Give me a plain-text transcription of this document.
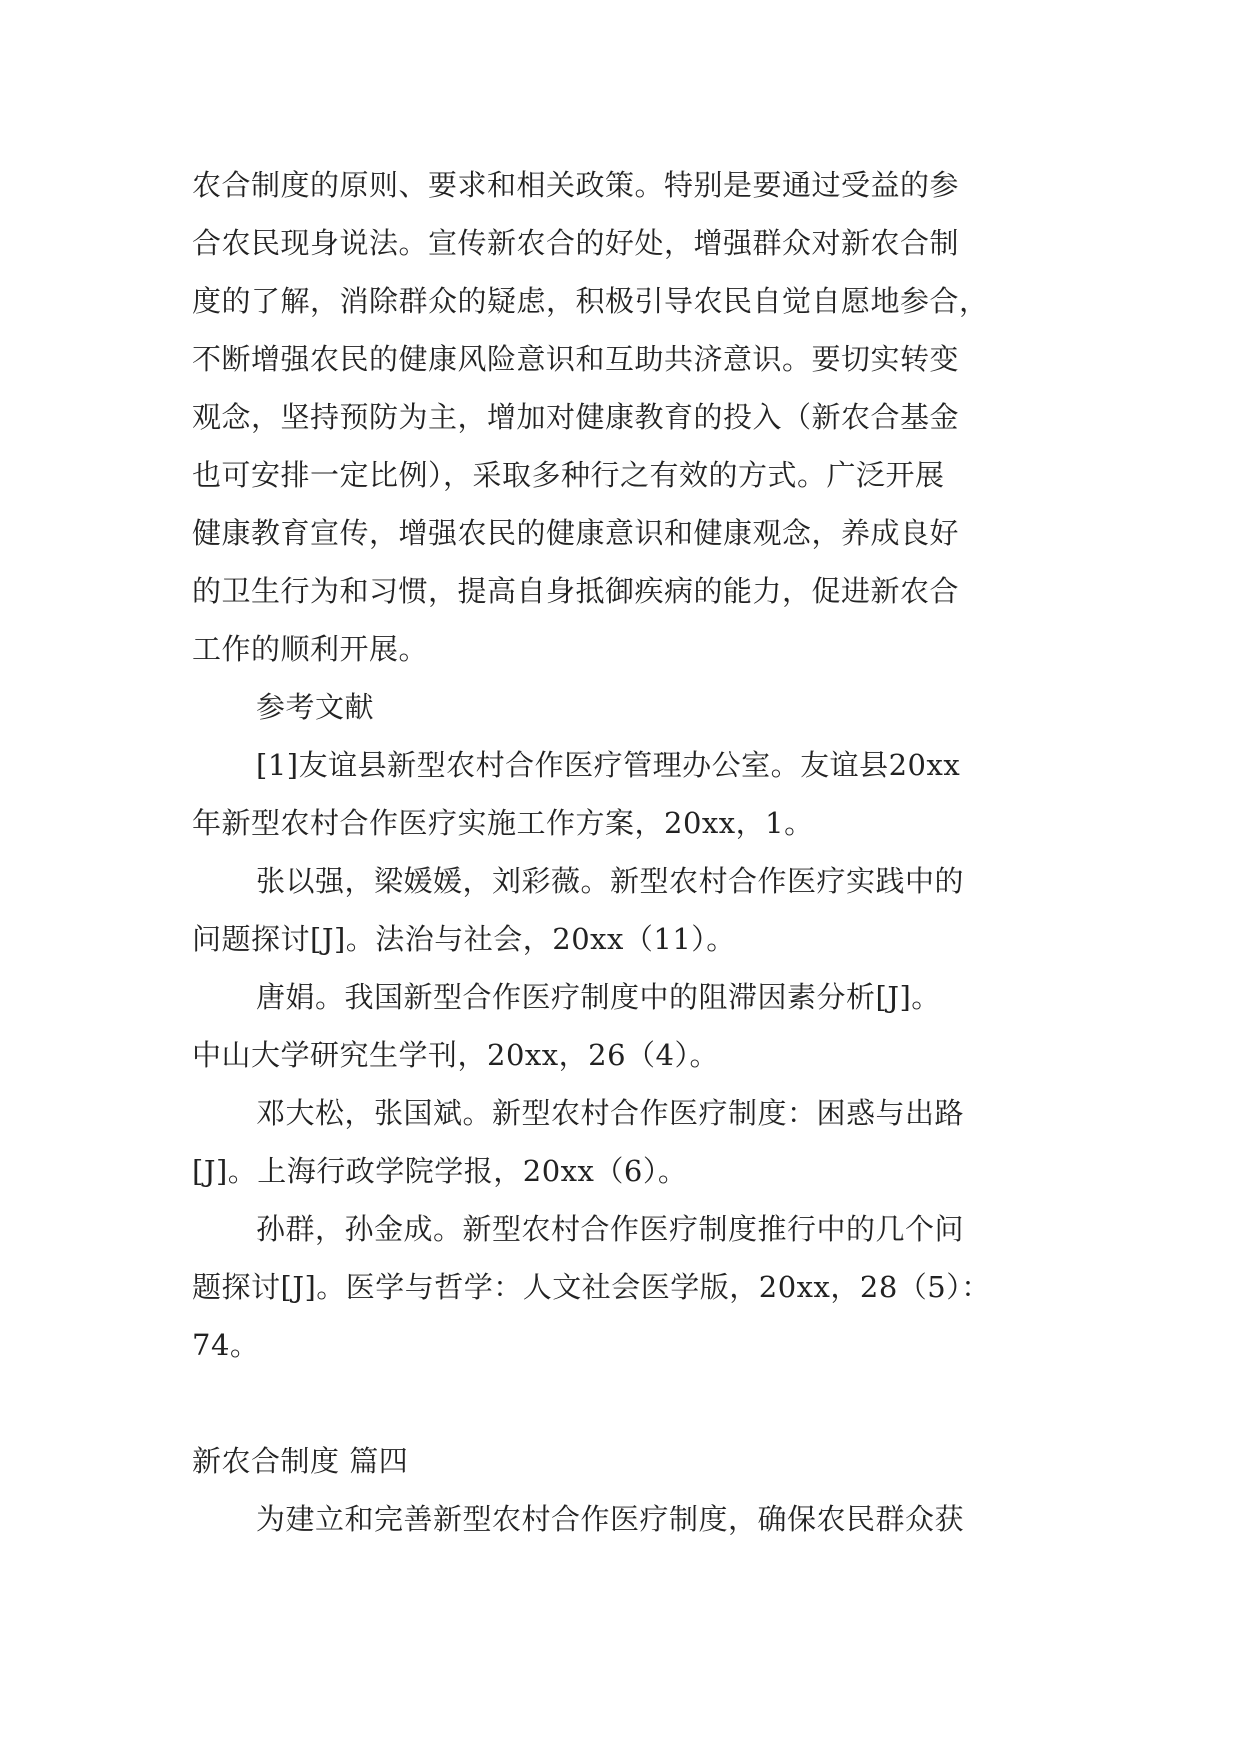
农合制度的原则、要求和相关政策。特别是要通过受益的参
合农民现身说法。宣传新农合的好处，增强群众对新农合制
度的了解，消除群众的疑虑，积极引导农民自觉自愿地参合，
不断增强农民的健康风险意识和互助共济意识。要切实转变
观念，坚持预防为主，增加对健康教育的投入（新农合基金
也可安排一定比例），采取多种行之有效的方式。广泛开展
健康教育宣传，增强农民的健康意识和健康观念，养成良好
的卫生行为和习惯，提高自身抵御疾病的能力，促进新农合
工作的顺利开展。
参考文献
[1]友谊县新型农村合作医疗管理办公室。友谊县20xx
年新型农村合作医疗实施工作方案，20xx，1。
张以强，梁媛媛，刘彩薇。新型农村合作医疗实践中的
问题探讨[J]。法治与社会，20xx（11）。
唐娟。我国新型合作医疗制度中的阻滞因素分析[J]。
中山大学研究生学刊，20xx，26（4）。
邓大松，张国斌。新型农村合作医疗制度：困惑与出路
[J]。上海行政学院学报，20xx（6）。
孙群，孙金成。新型农村合作医疗制度推行中的几个问
题探讨[J]。医学与哲学：人文社会医学版，20xx，28（5）：
74。
新农合制度 篇四
为建立和完善新型农村合作医疗制度，确保农民群众获
